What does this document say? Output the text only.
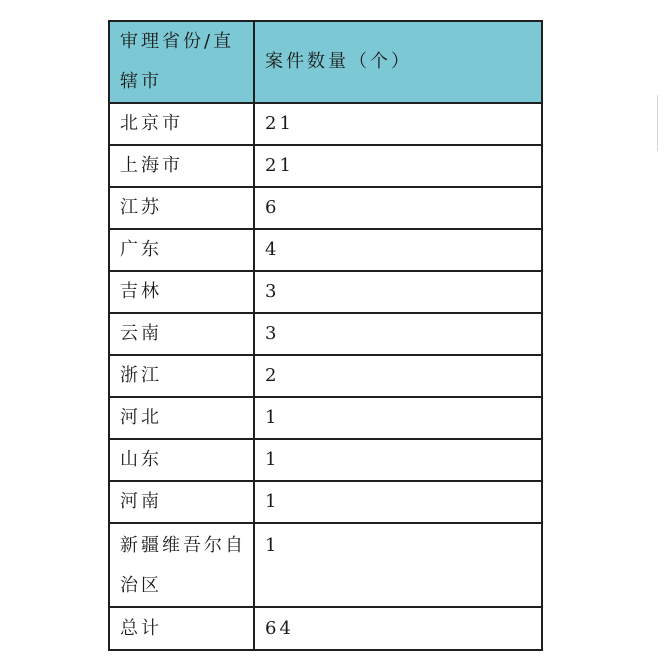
审理省份/直辖市	案件数量（个）
北京市	21
上海市	21
江苏	6
广东	4
吉林	3
云南	3
浙江	2
河北	1
山东	1
河南	1
新疆维吾尔自治区	1
总计	64
